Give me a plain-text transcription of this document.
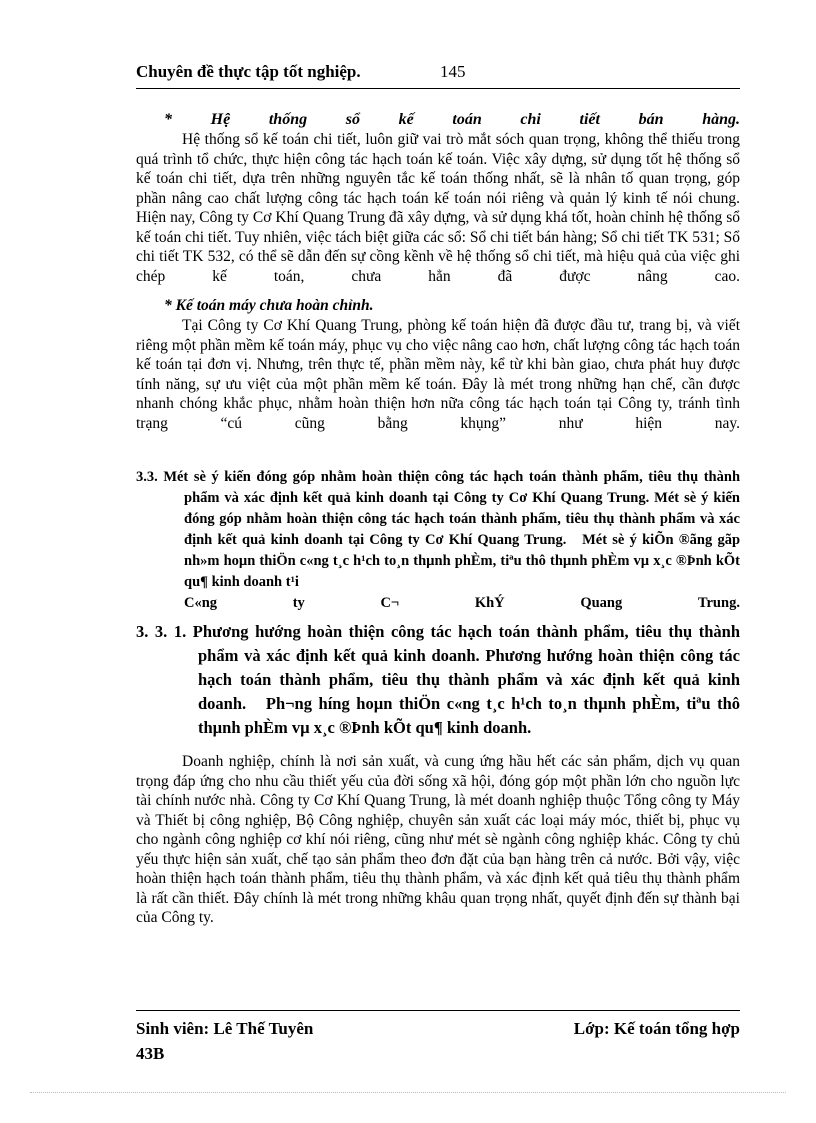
Chuyên đề thực tập tốt nghiệp.	145
* Hệ thống sổ kế toán chi tiết bán hàng.

Hệ thống sổ kế toán chi tiết, luôn giữ vai trò mắt sóch quan trọng, không thể thiếu trong quá trình tổ chức, thực hiện công tác hạch toán kế toán. Việc xây dựng, sử dụng tốt hệ thống sổ kế toán chi tiết, dựa trên những nguyên tắc kế toán thống nhất, sẽ là nhân tố quan trọng, góp phần nâng cao chất lượng công tác hạch toán kế toán nói riêng và quản lý kinh tế nói chung. Hiện nay, Công ty Cơ Khí Quang Trung đã xây dựng, và sử dụng khá tốt, hoàn chỉnh hệ thống sổ kế toán chi tiết. Tuy nhiên, việc tách biệt giữa các sổ: Sổ chi tiết bán hàng; Sổ chi tiết TK 531; Sổ chi tiết TK 532, có thể sẽ dẫn đến sự cồng kềnh về hệ thống sổ chi tiết, mà hiệu quả của việc ghi chép kế toán, chưa hẳn đã được nâng cao.

* Kế toán máy chưa hoàn chỉnh.

Tại Công ty Cơ Khí Quang Trung, phòng kế toán hiện đã được đầu tư, trang bị, và viết riêng một phần mềm kế toán máy, phục vụ cho việc nâng cao hơn, chất lượng công tác hạch toán kế toán tại đơn vị. Nhưng, trên thực tế, phần mềm này, kể từ khi bàn giao, chưa phát huy được tính năng, sự ưu việt của một phần mềm kế toán. Đây là mét trong những hạn chế, cần được nhanh chóng khắc phục, nhằm hoàn thiện hơn nữa công tác hạch toán tại Công ty, tránh tình trạng “cú cũng bằng khụng” như hiện nay.

3.3. Mét sè ý kiến đóng góp nhằm hoàn thiện công tác hạch toán thành phẩm, tiêu thụ thành phẩm và xác định kết quả kinh doanh tại Công ty Cơ Khí Quang Trung. Mét sè ý kiến đóng góp nhằm hoàn thiện công tác hạch toán thành phẩm, tiêu thụ thành phẩm và xác định kết quả kinh doanh tại Công ty Cơ Khí Quang Trung. Mét sè ý kiÕn ®ãng gãp nh»m hoµn thiÖn c«ng t¸c h¹ch to¸n thµnh phÈm, tiªu thô thµnh phÈm vµ x¸c ®Þnh kÕt qu¶ kinh doanh t¹i
C«ng	ty	C¬	KhÝ	Quang	Trung.
3. 3. 1. Phương hướng hoàn thiện công tác hạch toán thành phẩm, tiêu thụ thành phẩm và xác định kết quả kinh doanh. Phương hướng hoàn thiện công tác hạch toán thành phẩm, tiêu thụ thành phẩm và xác định kết quả kinh doanh. Ph¬ng híng hoµn thiÖn c«ng t¸c h¹ch to¸n thµnh phÈm, tiªu thô thµnh phÈm vµ x¸c ®Þnh kÕt qu¶ kinh doanh.

Doanh nghiệp, chính là nơi sản xuất, và cung ứng hầu hết các sản phẩm, dịch vụ quan trọng đáp ứng cho nhu cầu thiết yếu của đời sống xã hội, đóng góp một phần lớn cho nguồn lực tài chính nước nhà. Công ty Cơ Khí Quang Trung, là mét doanh nghiệp thuộc Tổng công ty Máy và Thiết bị công nghiệp, Bộ Công nghiệp, chuyên sản xuất các loại máy móc, thiết bị, phục vụ cho ngành công nghiệp cơ khí nói riêng, cũng như mét sè ngành công nghiệp khác. Công ty chủ yếu thực hiện sản xuất, chế tạo sản phẩm theo đơn đặt của bạn hàng trên cả nước. Bởi vậy, việc hoàn thiện hạch toán thành phẩm, tiêu thụ thành phẩm, và xác định kết quả tiêu thụ thành phẩm là rất cần thiết. Đây chính là mét trong những khâu quan trọng nhất, quyết định đến sự thành bại của Công ty.

Sinh viên: Lê Thế Tuyên	Lớp: Kế toán tổng hợp
43B
